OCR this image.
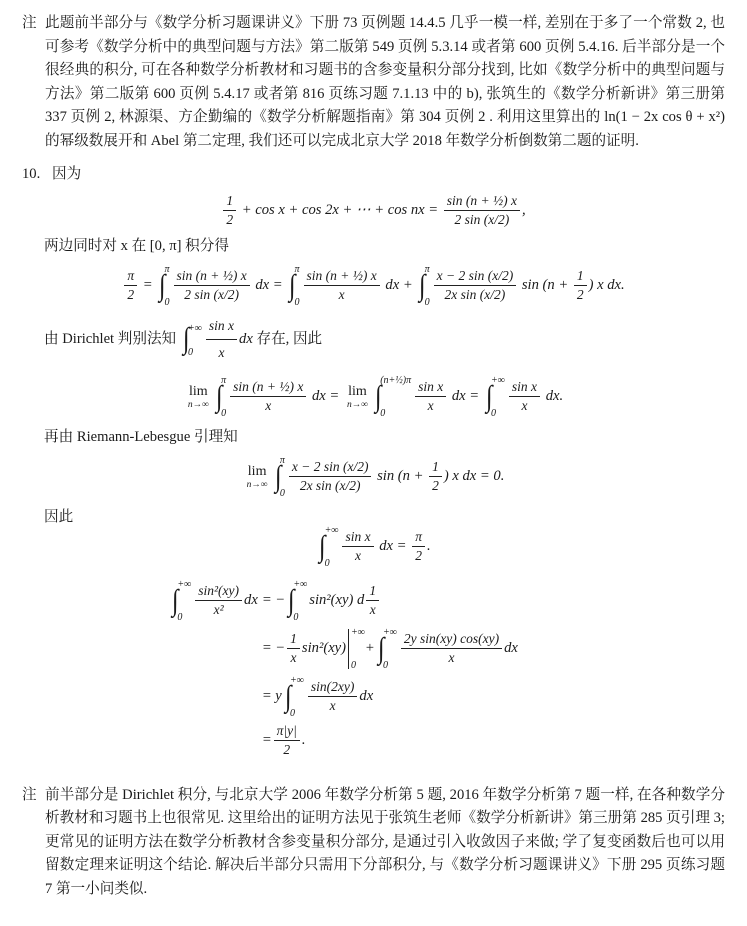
注 此题前半部分与《数学分析习题课讲义》下册 73 页例题 14.4.5 几乎一模一样, 差别在于多了一个常数 2, 也可参考《数学分析中的典型问题与方法》第二版第 549 页例 5.3.14 或者第 600 页例 5.4.16. 后半部分是一个很经典的积分, 可在各种数学分析教材和习题书的含参变量积分部分找到, 比如《数学分析中的典型问题与方法》第二版第 600 页例 5.4.17 或者第 816 页练习题 7.1.13 中的 b), 张筑生的《数学分析新讲》第三册第 337 页例 2, 林源渠、方企勤编的《数学分析解题指南》第 304 页例 2 . 利用这里算出的 ln(1 − 2x cos θ + x²) 的幂级数展开和 Abel 第二定理, 我们还可以完成北京大学 2018 年数学分析倒数第二题的证明.
10. 因为
$\frac{1}{2} + \cos x + \cos 2x$ + ⋯ + cos nx = $\frac{\text{sin (n + ½) x}}{2 \sin (x/2)}$ ,
两边同时对 x 在 [0, π] 积分得
$\frac{\pi}{2}$ = ∫
π
$0 \frac{\text{sin (n + ½) x}}{2 \sin (x/2)}$ dx = ∫
π
$0 \frac{\text{sin (n + ½) x}}{x}$ dx + ∫
π
$0 \frac{x - 2 \sin (x/2)}{\text{2x sin (x/2)}}$ $\sin (n + \frac{1}{2}$ ) x dx.
由 Dirichlet 判别法知 ∫
+∞
$0 \frac{\text{sin x}}{x}$ dx 存在, 因此
lim
n→∞ ∫
π
$0 \frac{\text{sin (n + ½) x}}{x}$ dx = lim
n→∞ ∫
(n+½)π
0	$\frac{\text{sin x}}{x}$ dx = ∫
+∞
$0 \frac{\text{sin x}}{x}$ dx.
再由 Riemann-Lebesgue 引理知
lim
n→∞ ∫
π
$0 \frac{x - 2 \sin (x/2)}{\text{2x sin (x/2)}}$ $\sin (n + \frac{1}{2}$ ) x dx = 0.
因此
∫
+∞
$0 \frac{\text{sin x}}{x}$ dx = $\frac{\pi}{2}$ .
∫
+∞
$0 \frac{\text{sin²(xy)}}{\text{x²}}$ dx = − ∫
+∞
0
sin²(xy) d $\frac{1}{x}$
= − $\frac{1}{x} \sin^2(xy)$
+∞
0
+ ∫
+∞
$0 \frac{\text{2y sin(xy) cos(xy)}}{x}$ dx
= y ∫
+∞
$0 \frac{\sin(2xy)}{x}$ dx
= $\frac{\pi|y|}{2}$ .
注 前半部分是 Dirichlet 积分, 与北京大学 2006 年数学分析第 5 题, 2016 年数学分析第 7 题一样, 在各种数学分析教材和习题书上也很常见. 这里给出的证明方法见于张筑生老师《数学分析新讲》第三册第 285 页引理 3; 更常见的证明方法在数学分析教材含参变量积分部分, 是通过引入收敛因子来做; 学了复变函数后也可以用留数定理来证明这个结论. 解决后半部分只需用下分部积分, 与《数学分析习题课讲义》下册 295 页练习题 7 第一小问类似.
